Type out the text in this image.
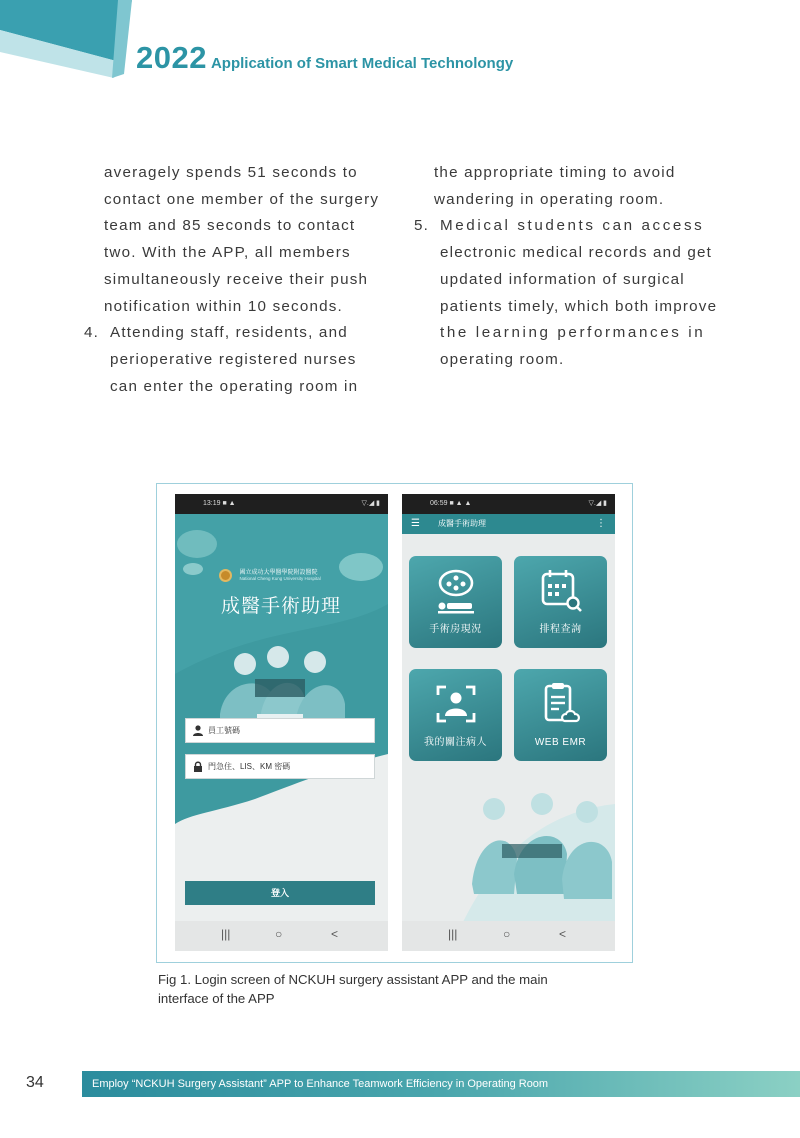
2022 Application of Smart Medical Technolongy
averagely spends 51 seconds to
contact one member of the surgery
team and 85 seconds to contact
two. With the APP, all members
simultaneously receive their push
notification within 10 seconds.
4. Attending staff, residents, and
perioperative registered nurses
can enter the operating room in
the appropriate timing to avoid
wandering in operating room.
5. Medical students can access
electronic medical records and get
updated information of surgical
patients timely, which both improve
the learning performances in
operating room.
13:19 ■ ▲	▽.◢ ▮

國立成功大學醫學院附設醫院
National Cheng Kung University Hospital
成醫手術助理
員工號碼
門急住、LIS、KM 密碼
登入
|||	○	<
06:59 ■ ▲ ▲	▽.◢ ▮
☰ 成醫手術助理	⋮
手術房現況	排程查詢
我的關注病人	WEB EMR
|||	○	<
Fig 1. Login screen of NCKUH surgery assistant APP and the main
interface of the APP
34	Employ “NCKUH Surgery Assistant” APP to Enhance Teamwork Efficiency in Operating Room
